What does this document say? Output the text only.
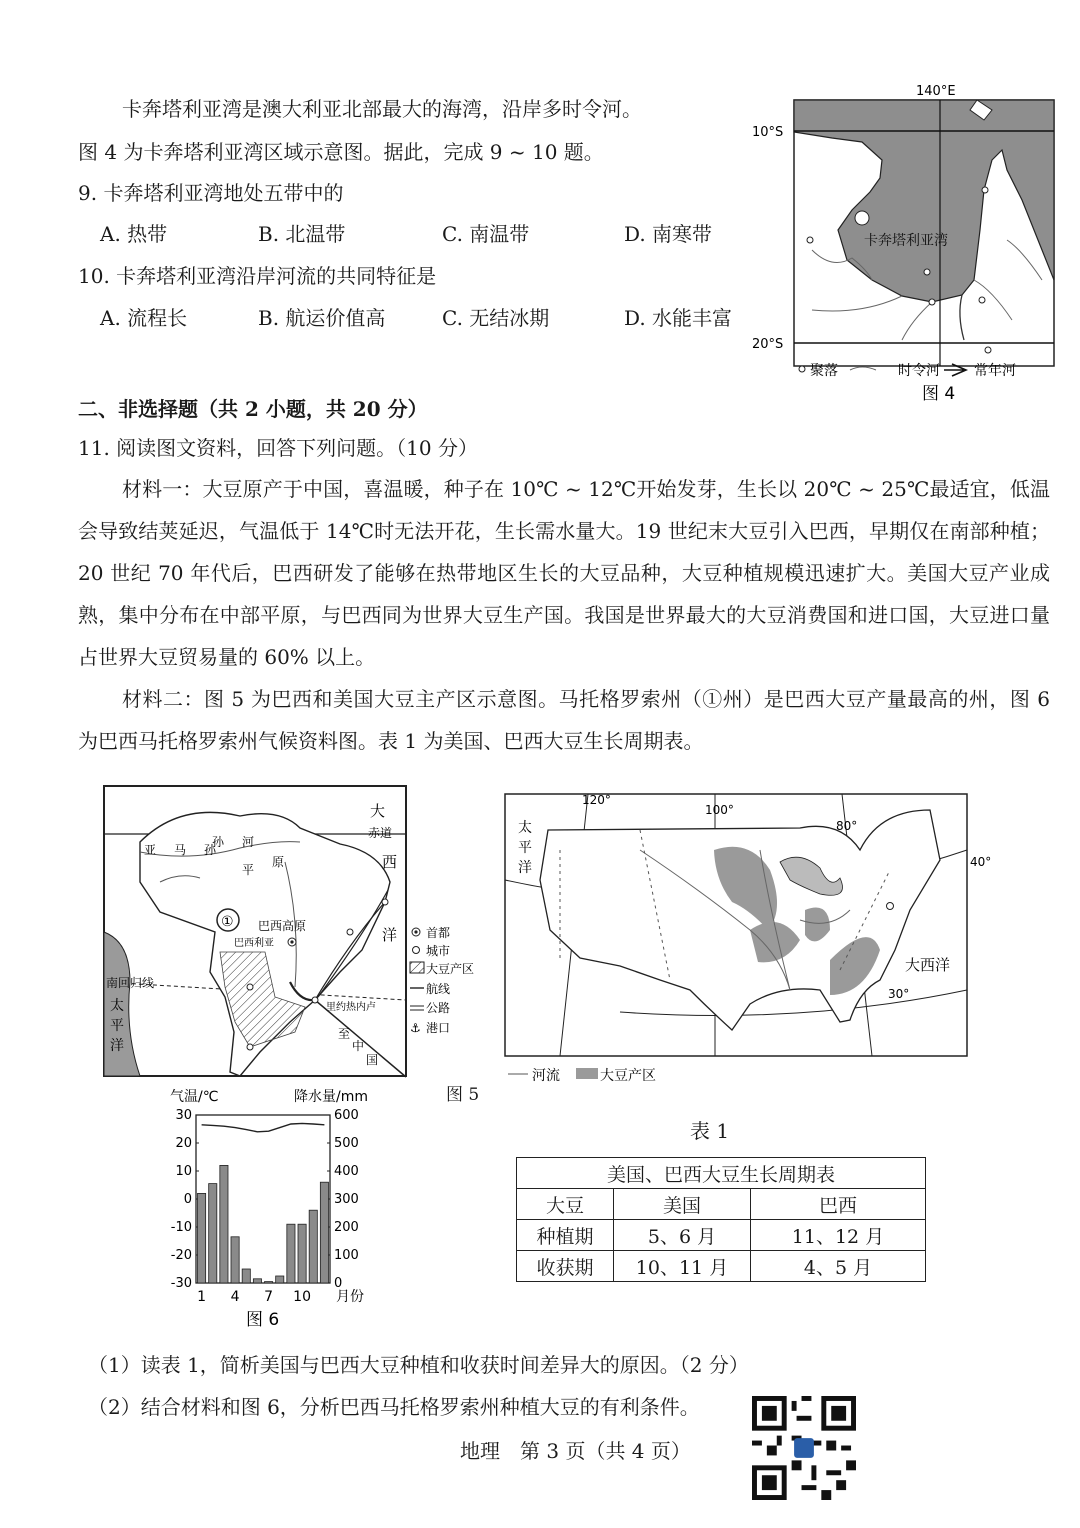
卡奔塔利亚湾是澳大利亚北部最大的海湾，沿岸多时令河。
图 4 为卡奔塔利亚湾区域示意图。据此，完成 9 ~ 10 题。
9. 卡奔塔利亚湾地处五带中的
A. 热带	B. 北温带	C. 南温带	D. 南寒带
10. 卡奔塔利亚湾沿岸河流的共同特征是
A. 流程长	B. 航运价值高	C. 无结冰期	D. 水能丰富
140°E
10°S
20°S
卡奔塔利亚湾
聚落	时令河 常年河
图 4
二、非选择题（共 2 小题，共 20 分）
11. 阅读图文资料，回答下列问题。（10 分）
材料一：大豆原产于中国，喜温暖，种子在 10℃ ~ 12℃开始发芽，生长以 20℃ ~ 25℃最适宜，低温会导致结荚延迟，气温低于 14℃时无法开花，生长需水量大。19 世纪末大豆引入巴西，早期仅在南部种植；20 世纪 70 年代后，巴西研发了能够在热带地区生长的大豆品种，大豆种植规模迅速扩大。美国大豆产业成熟，集中分布在中部平原，与巴西同为世界大豆生产国。我国是世界最大的大豆消费国和进口国，大豆进口量占世界大豆贸易量的 60% 以上。
材料二：图 5 为巴西和美国大豆主产区示意图。马托格罗索州（①州）是巴西大豆产量最高的州，图 6 为巴西马托格罗索州气候资料图。表 1 为美国、巴西大豆生长周期表。
①
大
赤道
西
洋
亚 马 孙
孙 河
平
原
巴西高原
巴西利亚
南回归线
太
平
洋
里约热内卢
至
中
国
首都
城市
大豆产区
航线
公路
⚓ 港口
120°
100°
80°
40°
30°
太
平
洋
大西洋
河流	大豆产区
图 5
气温/℃	降水量/mm
30
20
10
0
-10
-20
-30
600
500
400
300
200
100
0
1 4 7 10 月份
图 6
表 1
美国、巴西大豆生长周期表		
大豆	美国	巴西
种植期	5、6 月	11、12 月
收获期	10、11 月	4、5 月
（1）读表 1，简析美国与巴西大豆种植和收获时间差异大的原因。（2 分）
（2）结合材料和图 6，分析巴西马托格罗索州种植大豆的有利条件。
地理　第 3 页（共 4 页）
